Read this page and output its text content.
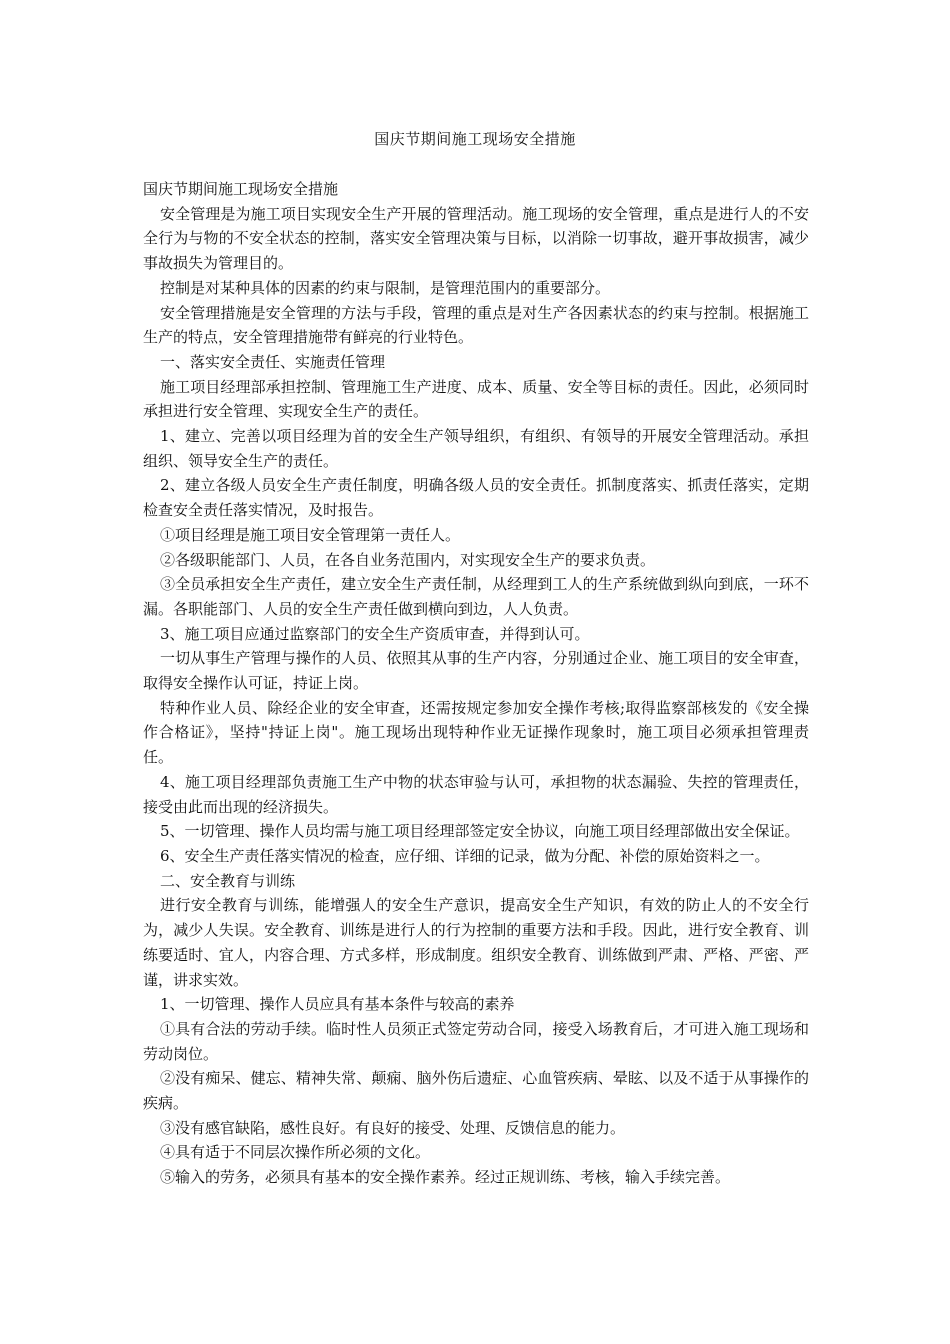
国庆节期间施工现场安全措施

国庆节期间施工现场安全措施

安全管理是为施工项目实现安全生产开展的管理活动。施工现场的安全管理，重点是进行人的不安全行为与物的不安全状态的控制，落实安全管理决策与目标，以消除一切事故，避开事故损害，减少事故损失为管理目的。

控制是对某种具体的因素的约束与限制，是管理范围内的重要部分。

安全管理措施是安全管理的方法与手段，管理的重点是对生产各因素状态的约束与控制。根据施工生产的特点，安全管理措施带有鲜亮的行业特色。

一、落实安全责任、实施责任管理

施工项目经理部承担控制、管理施工生产进度、成本、质量、安全等目标的责任。因此，必须同时承担进行安全管理、实现安全生产的责任。

1、建立、完善以项目经理为首的安全生产领导组织，有组织、有领导的开展安全管理活动。承担组织、领导安全生产的责任。

2、建立各级人员安全生产责任制度，明确各级人员的安全责任。抓制度落实、抓责任落实，定期检查安全责任落实情况，及时报告。

①项目经理是施工项目安全管理第一责任人。

②各级职能部门、人员，在各自业务范围内，对实现安全生产的要求负责。

③全员承担安全生产责任，建立安全生产责任制，从经理到工人的生产系统做到纵向到底，一环不漏。各职能部门、人员的安全生产责任做到横向到边，人人负责。

3、施工项目应通过监察部门的安全生产资质审查，并得到认可。

一切从事生产管理与操作的人员、依照其从事的生产内容，分别通过企业、施工项目的安全审查，取得安全操作认可证，持证上岗。

特种作业人员、除经企业的安全审查，还需按规定参加安全操作考核;取得监察部核发的《安全操作合格证》，坚持"持证上岗"。施工现场出现特种作业无证操作现象时，施工项目必须承担管理责任。

4、施工项目经理部负责施工生产中物的状态审验与认可，承担物的状态漏验、失控的管理责任，接受由此而出现的经济损失。

5、一切管理、操作人员均需与施工项目经理部签定安全协议，向施工项目经理部做出安全保证。

6、安全生产责任落实情况的检查，应仔细、详细的记录，做为分配、补偿的原始资料之一。

二、安全教育与训练

进行安全教育与训练，能增强人的安全生产意识，提高安全生产知识，有效的防止人的不安全行为，减少人失误。安全教育、训练是进行人的行为控制的重要方法和手段。因此，进行安全教育、训练要适时、宜人，内容合理、方式多样，形成制度。组织安全教育、训练做到严肃、严格、严密、严谨，讲求实效。

1、一切管理、操作人员应具有基本条件与较高的素养

①具有合法的劳动手续。临时性人员须正式签定劳动合同，接受入场教育后，才可进入施工现场和劳动岗位。

②没有痴呆、健忘、精神失常、颠痫、脑外伤后遗症、心血管疾病、晕眩、以及不适于从事操作的疾病。

③没有感官缺陷，感性良好。有良好的接受、处理、反馈信息的能力。

④具有适于不同层次操作所必须的文化。

⑤输入的劳务，必须具有基本的安全操作素养。经过正规训练、考核，输入手续完善。
